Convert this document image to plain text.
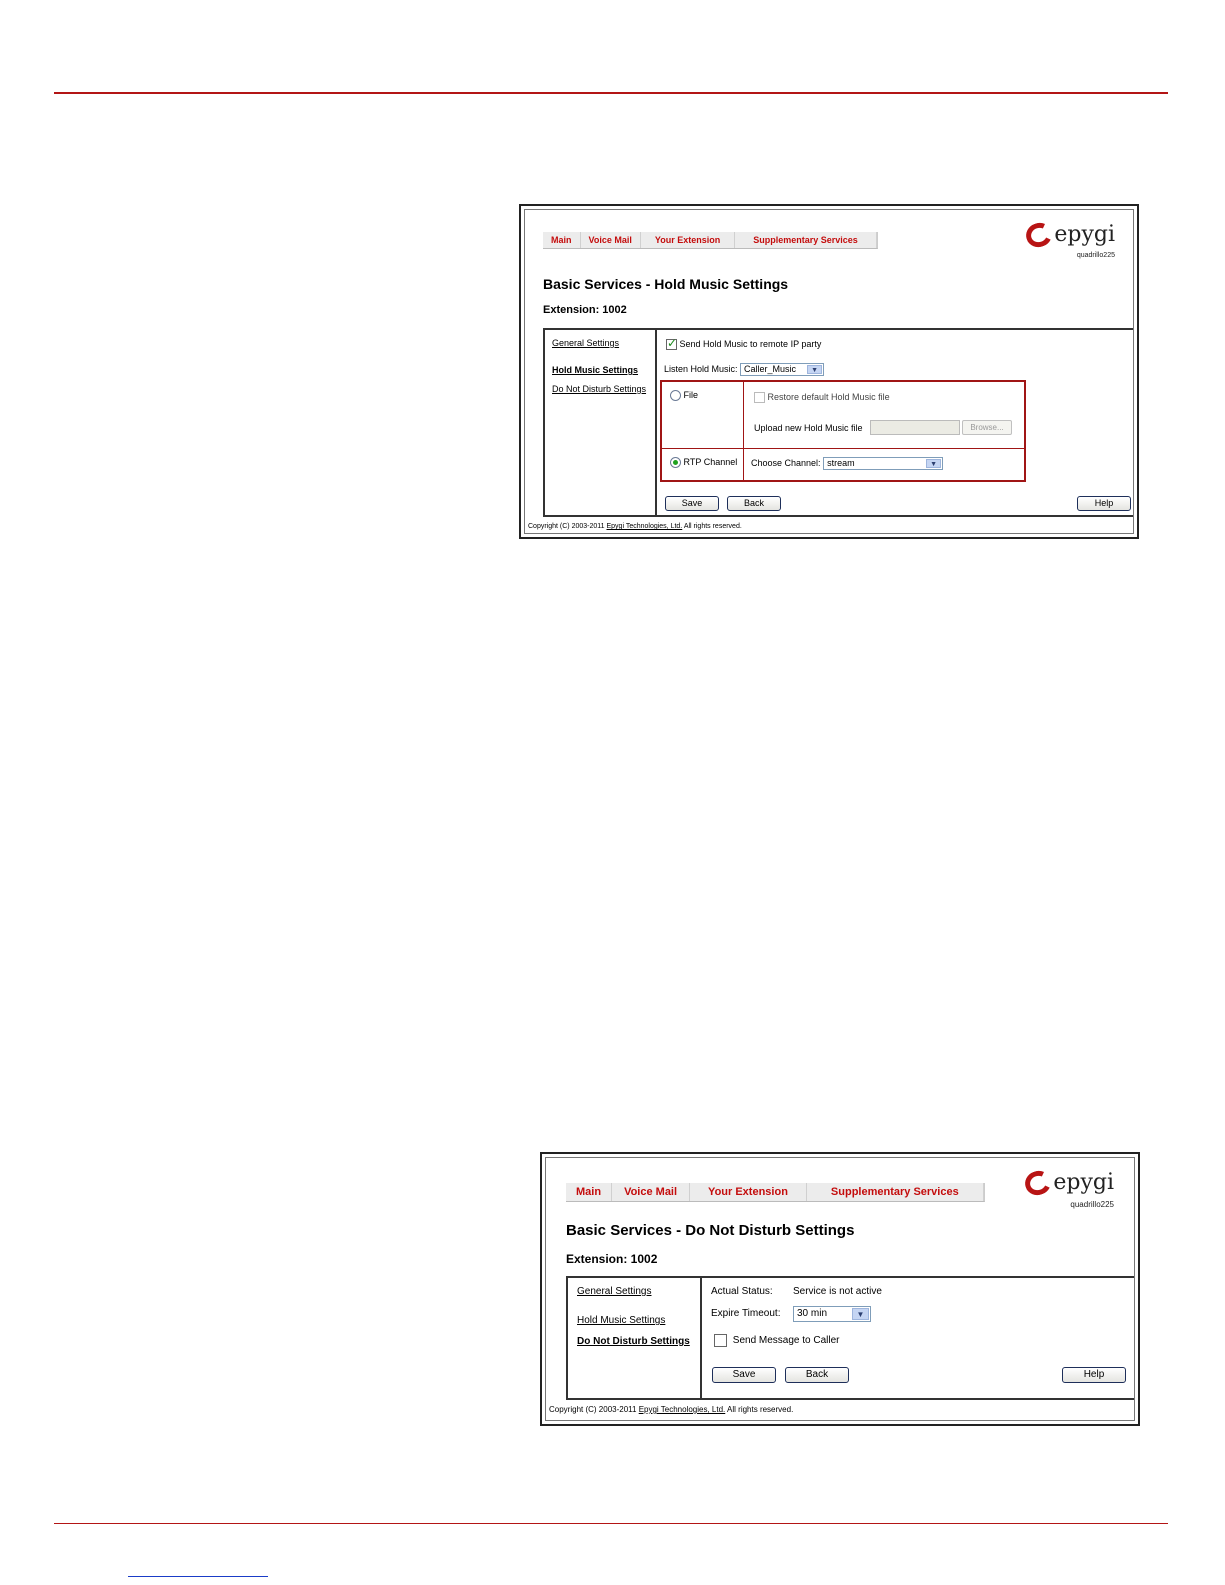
Main	Voice Mail	Your Extension	Supplementary Services	epygi
quadrillo225
Basic Services - Hold Music Settings
Extension: 1002
General Settings
Hold Music Settings
Do Not Disturb Settings
✓ Send Hold Music to remote IP party
Listen Hold Music: Caller_Music	▼
File	Restore default Hold Music file
Upload new Hold Music file	Browse...
RTP Channel Choose Channel: stream	▼
Save	Back	Help
Copyright (C) 2003-2011 Epygi Technologies, Ltd. All rights reserved.
Main	Voice Mail	Your Extension	Supplementary Services	epygi
quadrillo225
Basic Services - Do Not Disturb Settings
Extension: 1002
General Settings
Hold Music Settings
Do Not Disturb Settings
Actual Status: Service is not active
Expire Timeout:	30 min	▼
Send Message to Caller
Save	Back	Help
Copyright (C) 2003-2011 Epygi Technologies, Ltd. All rights reserved.
